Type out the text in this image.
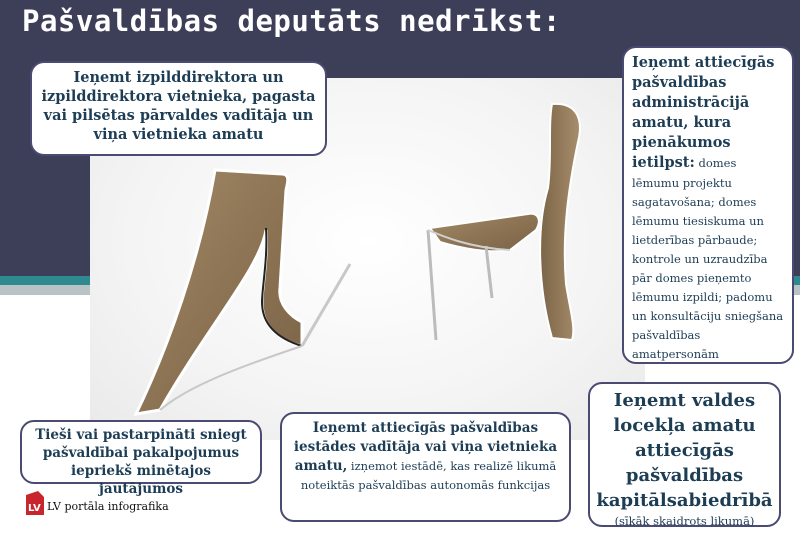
Pašvaldības deputāts nedrīkst:
Ieņemt izpilddirektora un izpilddirektora vietnieka, pagasta vai pilsētas pārvaldes vadītāja un viņa vietnieka amatu
Ieņemt attiecīgās pašvaldības administrācijā amatu, kura pienākumos ietilpst: domes lēmumu projektu sagatavošana; domes lēmumu tiesiskuma un lietderības pārbaude; kontrole un uzraudzība pār domes pieņemto lēmumu izpildi; padomu un konsultāciju sniegšana pašvaldības amatpersonām
Tieši vai pastarpināti sniegt pašvaldībai pakalpojumus iepriekš minētajos jautājumos
Ieņemt attiecīgās pašvaldības iestādes vadītāja vai viņa vietnieka amatu, izņemot iestādē, kas realizē likumā noteiktās pašvaldības autonomās funkcijas
Ieņemt valdes locekļa amatu attiecīgās pašvaldības kapitālsabiedrībā
(sīkāk skaidrots likumā)
LV LV portāla infografika
